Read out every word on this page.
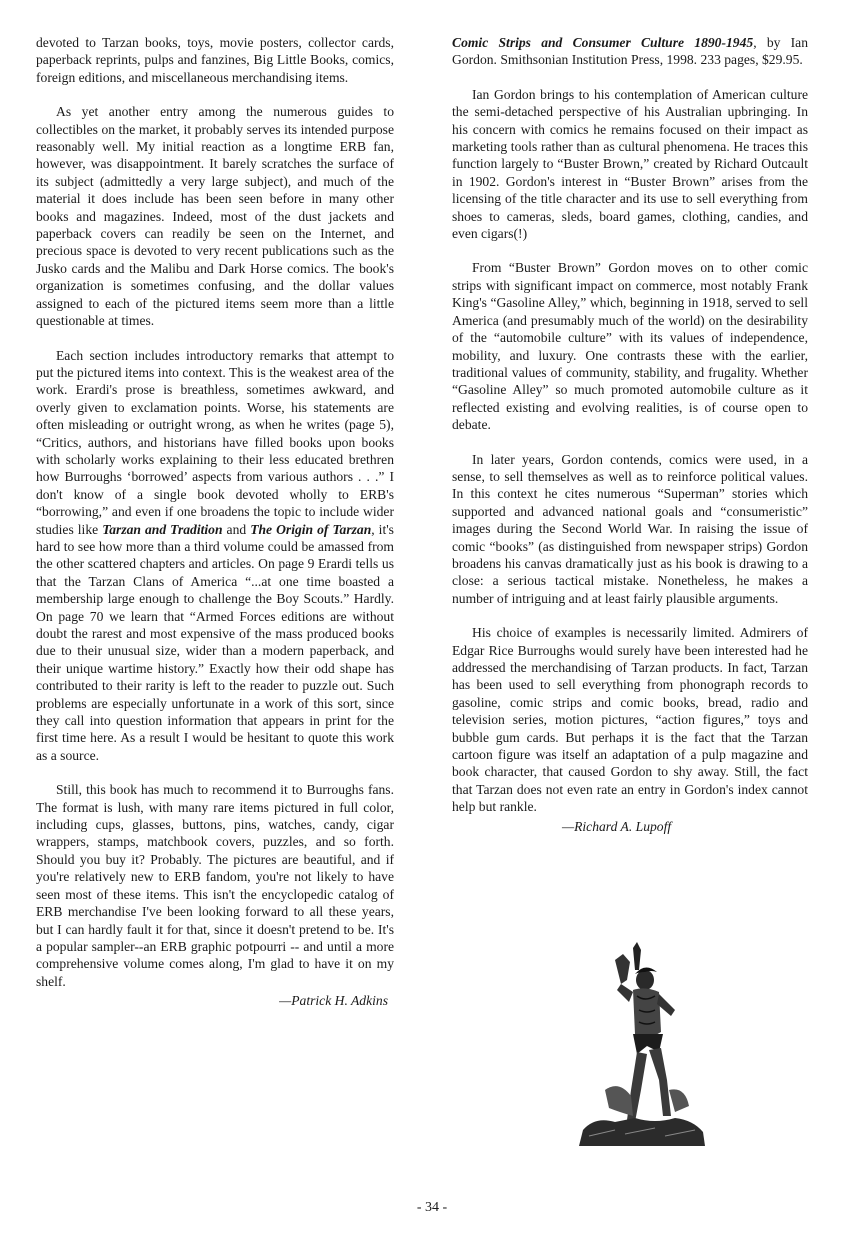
devoted to Tarzan books, toys, movie posters, collector cards, paperback reprints, pulps and fanzines, Big Little Books, comics, foreign editions, and miscellaneous merchandising items.

As yet another entry among the numerous guides to collectibles on the market, it probably serves its intended purpose reasonably well. My initial reaction as a longtime ERB fan, however, was disappointment. It barely scratches the surface of its subject (admittedly a very large subject), and much of the material it does include has been seen before in many other books and magazines. Indeed, most of the dust jackets and paperback covers can readily be seen on the Internet, and precious space is devoted to very recent publications such as the Jusko cards and the Malibu and Dark Horse comics. The book's organization is sometimes confusing, and the dollar values assigned to each of the pictured items seem more than a little questionable at times.

Each section includes introductory remarks that attempt to put the pictured items into context. This is the weakest area of the work. Erardi's prose is breathless, sometimes awkward, and overly given to exclamation points. Worse, his statements are often misleading or outright wrong, as when he writes (page 5), “Critics, authors, and historians have filled books upon books with scholarly works explaining to their less educated brethren how Burroughs ‘borrowed’ aspects from various authors . . .” I don't know of a single book devoted wholly to ERB's “borrowing,” and even if one broadens the topic to include wider studies like Tarzan and Tradition and The Origin of Tarzan, it's hard to see how more than a third volume could be amassed from the other scattered chapters and articles. On page 9 Erardi tells us that the Tarzan Clans of America “...at one time boasted a membership large enough to challenge the Boy Scouts.” Hardly. On page 70 we learn that “Armed Forces editions are without doubt the rarest and most expensive of the mass produced books due to their unusual size, wider than a modern paperback, and their unique wartime history.” Exactly how their odd shape has contributed to their rarity is left to the reader to puzzle out. Such problems are especially unfortunate in a work of this sort, since they call into question information that appears in print for the first time here. As a result I would be hesitant to quote this work as a source.

Still, this book has much to recommend it to Burroughs fans. The format is lush, with many rare items pictured in full color, including cups, glasses, buttons, pins, watches, candy, cigar wrappers, stamps, matchbook covers, puzzles, and so forth. Should you buy it? Probably. The pictures are beautiful, and if you're relatively new to ERB fandom, you're not likely to have seen most of these items. This isn't the encyclopedic catalog of ERB merchandise I've been looking forward to all these years, but I can hardly fault it for that, since it doesn't pretend to be. It's a popular sampler--an ERB graphic potpourri -- and until a more comprehensive volume comes along, I'm glad to have it on my shelf.

—Patrick H. Adkins

Comic Strips and Consumer Culture 1890-1945, by Ian Gordon. Smithsonian Institution Press, 1998. 233 pages, $29.95.

Ian Gordon brings to his contemplation of American culture the semi-detached perspective of his Australian upbringing. In his concern with comics he remains focused on their impact as marketing tools rather than as cultural phenomena. He traces this function largely to “Buster Brown,” created by Richard Outcault in 1902. Gordon's interest in “Buster Brown” arises from the licensing of the title character and its use to sell everything from shoes to cameras, sleds, board games, clothing, candies, and even cigars(!)

From “Buster Brown” Gordon moves on to other comic strips with significant impact on commerce, most notably Frank King's “Gasoline Alley,” which, beginning in 1918, served to sell America (and presumably much of the world) on the desirability of the “automobile culture” with its values of independence, mobility, and luxury. One contrasts these with the earlier, traditional values of community, stability, and frugality. Whether “Gasoline Alley” so much promoted automobile culture as it reflected existing and evolving realities, is of course open to debate.

In later years, Gordon contends, comics were used, in a sense, to sell themselves as well as to reinforce political values. In this context he cites numerous “Superman” stories which supported and advanced national goals and “consumeristic” images during the Second World War. In raising the issue of comic “books” (as distinguished from newspaper strips) Gordon broadens his canvas dramatically just as his book is drawing to a close: a serious tactical mistake. Nonetheless, he makes a number of intriguing and at least fairly plausible arguments.

His choice of examples is necessarily limited. Admirers of Edgar Rice Burroughs would surely have been interested had he addressed the merchandising of Tarzan products. In fact, Tarzan has been used to sell everything from phonograph records to gasoline, comic strips and comic books, bread, radio and television series, motion pictures, “action figures,” toys and bubble gum cards. But perhaps it is the fact that the Tarzan cartoon figure was itself an adaptation of a pulp magazine and book character, that caused Gordon to shy away. Still, the fact that Tarzan does not even rate an entry in Gordon's index cannot help but rankle.

—Richard A. Lupoff
- 34 -
